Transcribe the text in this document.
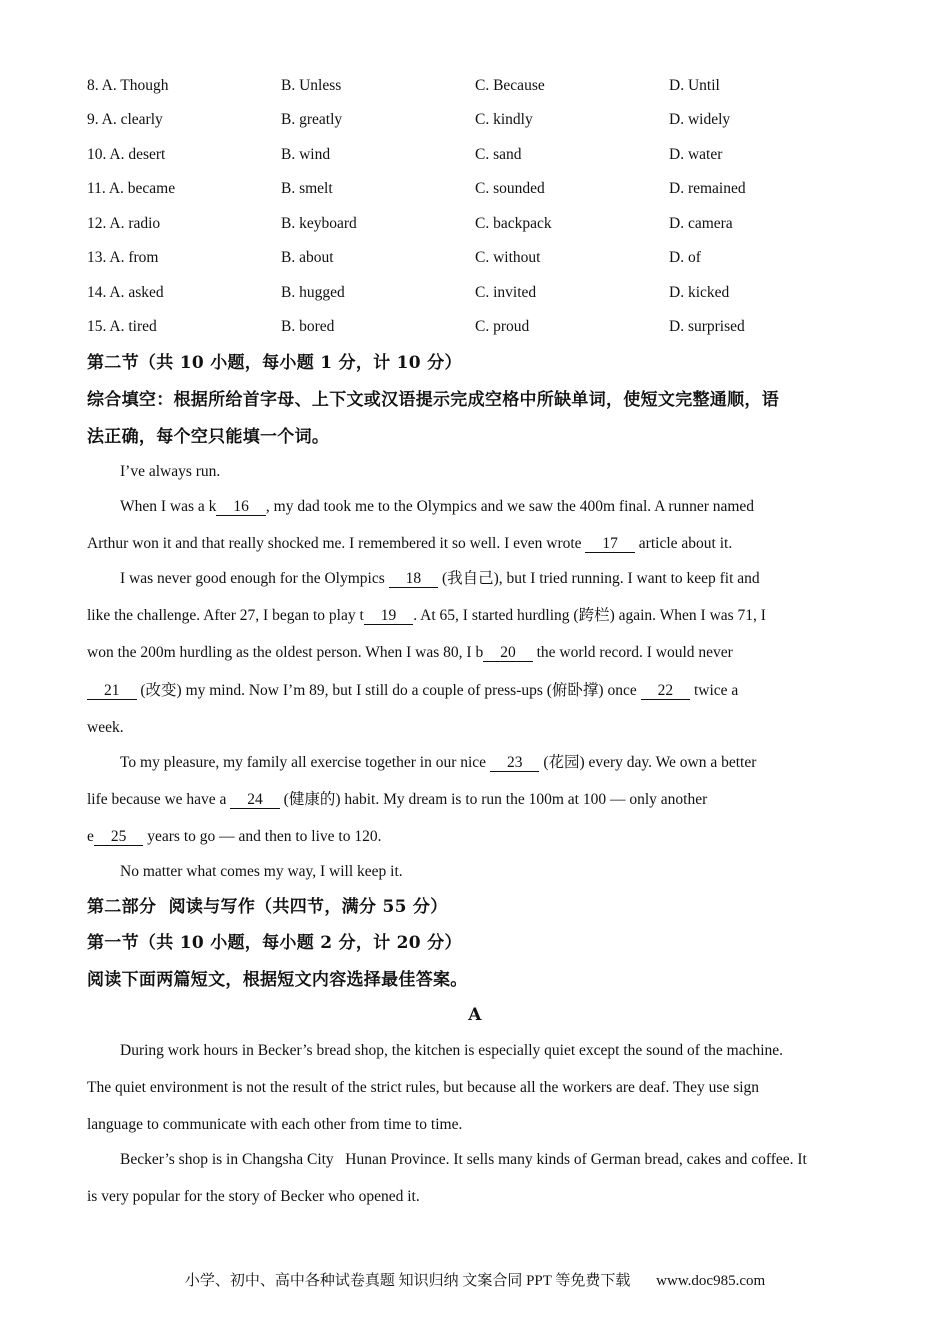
8. A. Though	B. Unless	C. Because	D. Until
9. A. clearly	B. greatly	C. kindly	D. widely
10. A. desert	B. wind	C. sand	D. water
11. A. became	B. smelt	C. sounded	D. remained
12. A. radio	B. keyboard	C. backpack	D. camera
13. A. from	B. about	C. without	D. of
14. A. asked	B. hugged	C. invited	D. kicked
15. A. tired	B. bored	C. proud	D. surprised
第二节（共 10 小题，每小题 1 分，计 10 分）
综合填空：根据所给首字母、上下文或汉语提示完成空格中所缺单词，使短文完整通顺，语
法正确，每个空只能填一个词。
I’ve always run.
When I was a k 16 , my dad took me to the Olympics and we saw the 400m final. A runner named
Arthur won it and that really shocked me. I remembered it so well. I even wrote 17 article about it.
I was never good enough for the Olympics 18 (我自己), but I tried running. I want to keep fit and
like the challenge. After 27, I began to play t 19 . At 65, I started hurdling (跨栏) again. When I was 71, I
won the 200m hurdling as the oldest person. When I was 80, I b 20 the world record. I would never
21 (改变) my mind. Now I’m 89, but I still do a couple of press-ups (俯卧撑) once 22 twice a
week.
To my pleasure, my family all exercise together in our nice 23 (花园) every day. We own a better
life because we have a 24 (健康的) habit. My dream is to run the 100m at 100 — only another
e 25 years to go — and then to live to 120.
No matter what comes my way, I will keep it.
第二部分  阅读与写作（共四节，满分 55 分）
第一节（共 10 小题，每小题 2 分，计 20 分）
阅读下面两篇短文，根据短文内容选择最佳答案。
A
During work hours in Becker’s bread shop, the kitchen is especially quiet except the sound of the machine.
The quiet environment is not the result of the strict rules, but because all the workers are deaf. They use sign
language to communicate with each other from time to time.
Becker’s shop is in Changsha City   Hunan Province. It sells many kinds of German bread, cakes and coffee. It
is very popular for the story of Becker who opened it.
小学、初中、高中各种试卷真题 知识归纳 文案合同 PPT 等免费下载 www.doc985.com
